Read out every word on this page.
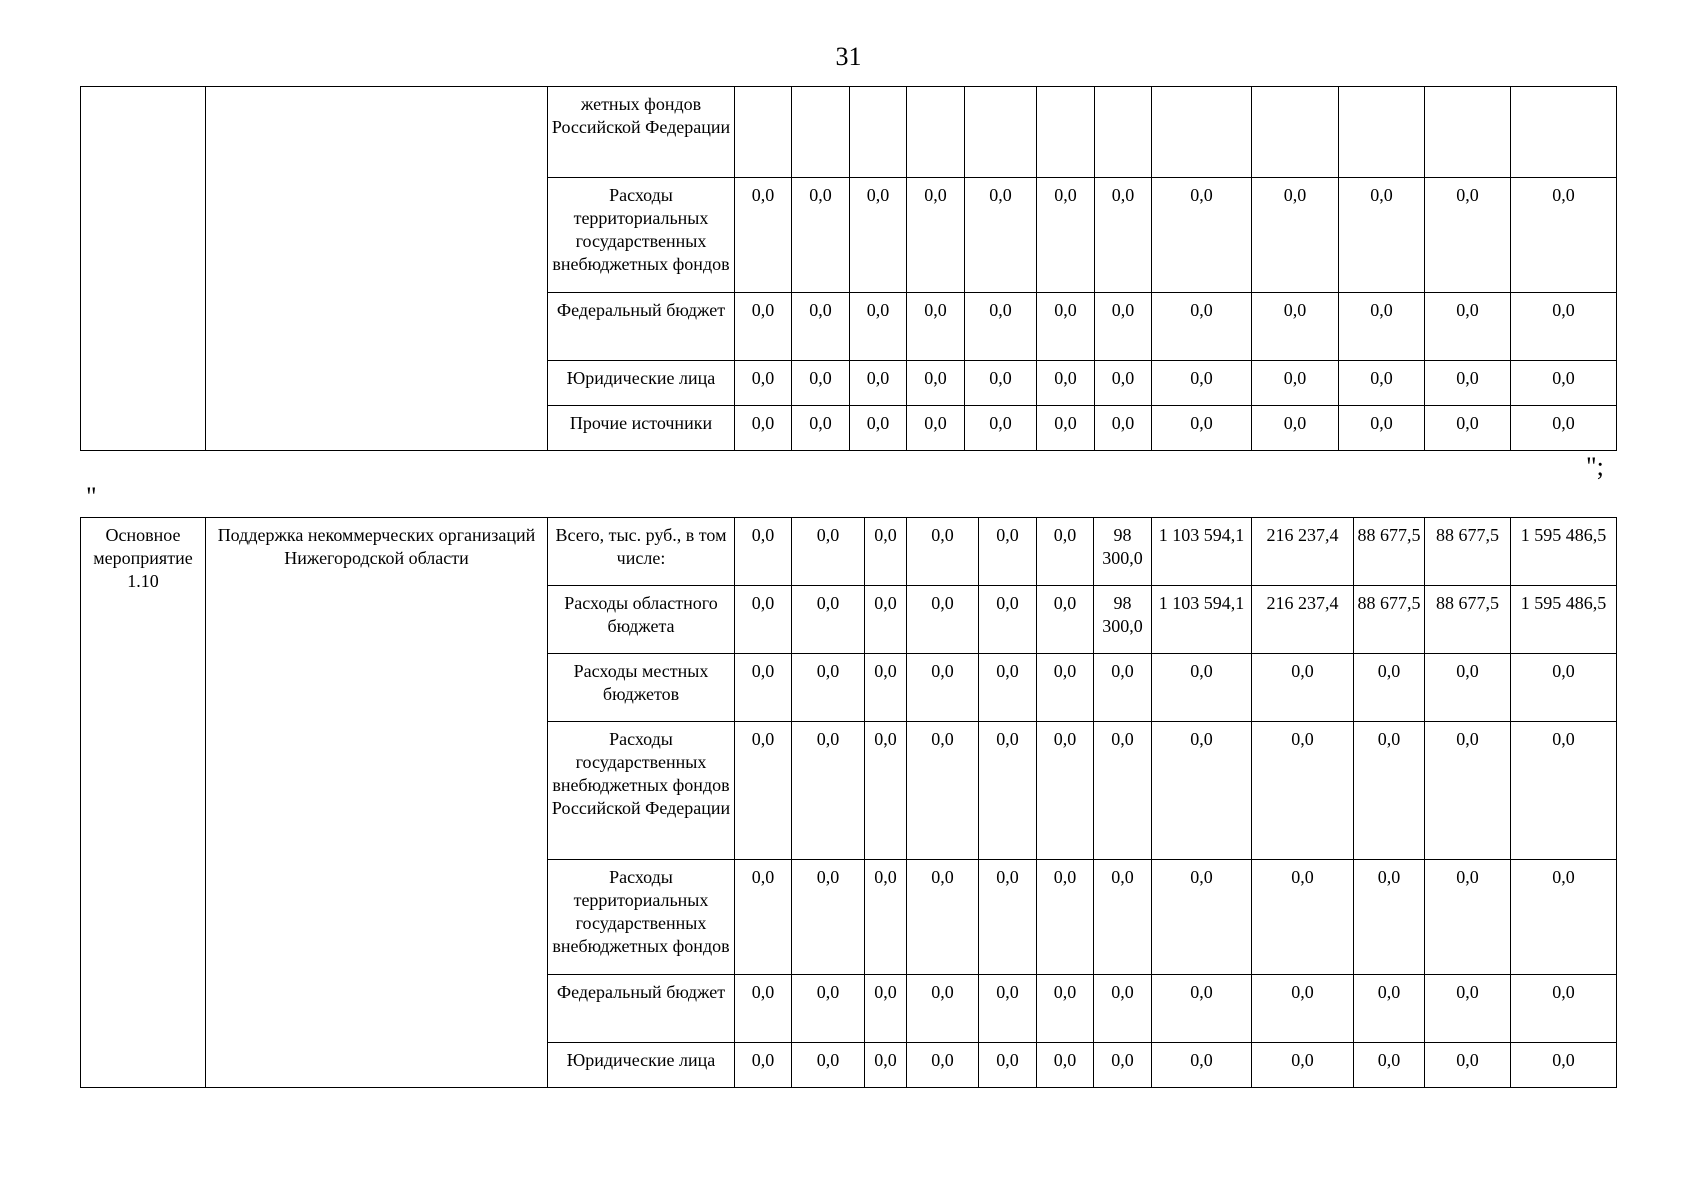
31
		жетных фондов Российской Федерации												
		Расходы территориальных государственных внебюджетных фондов	0,0	0,0	0,0	0,0	0,0	0,0	0,0	0,0	0,0	0,0	0,0	0,0
		Федеральный бюджет	0,0	0,0	0,0	0,0	0,0	0,0	0,0	0,0	0,0	0,0	0,0	0,0
		Юридические лица	0,0	0,0	0,0	0,0	0,0	0,0	0,0	0,0	0,0	0,0	0,0	0,0
		Прочие источники	0,0	0,0	0,0	0,0	0,0	0,0	0,0	0,0	0,0	0,0	0,0	0,0
";
"
Основное мероприятие 1.10	Поддержка некоммерческих организаций Нижегородской области	Всего, тыс. руб., в том числе:	0,0	0,0	0,0	0,0	0,0	0,0	98 300,0	1 103 594,1	216 237,4	88 677,5	88 677,5	1 595 486,5
		Расходы областного бюджета	0,0	0,0	0,0	0,0	0,0	0,0	98 300,0	1 103 594,1	216 237,4	88 677,5	88 677,5	1 595 486,5
		Расходы местных бюджетов	0,0	0,0	0,0	0,0	0,0	0,0	0,0	0,0	0,0	0,0	0,0	0,0
		Расходы государственных внебюджетных фондов Российской Федерации	0,0	0,0	0,0	0,0	0,0	0,0	0,0	0,0	0,0	0,0	0,0	0,0
		Расходы территориальных государственных внебюджетных фондов	0,0	0,0	0,0	0,0	0,0	0,0	0,0	0,0	0,0	0,0	0,0	0,0
		Федеральный бюджет	0,0	0,0	0,0	0,0	0,0	0,0	0,0	0,0	0,0	0,0	0,0	0,0
		Юридические лица	0,0	0,0	0,0	0,0	0,0	0,0	0,0	0,0	0,0	0,0	0,0	0,0
